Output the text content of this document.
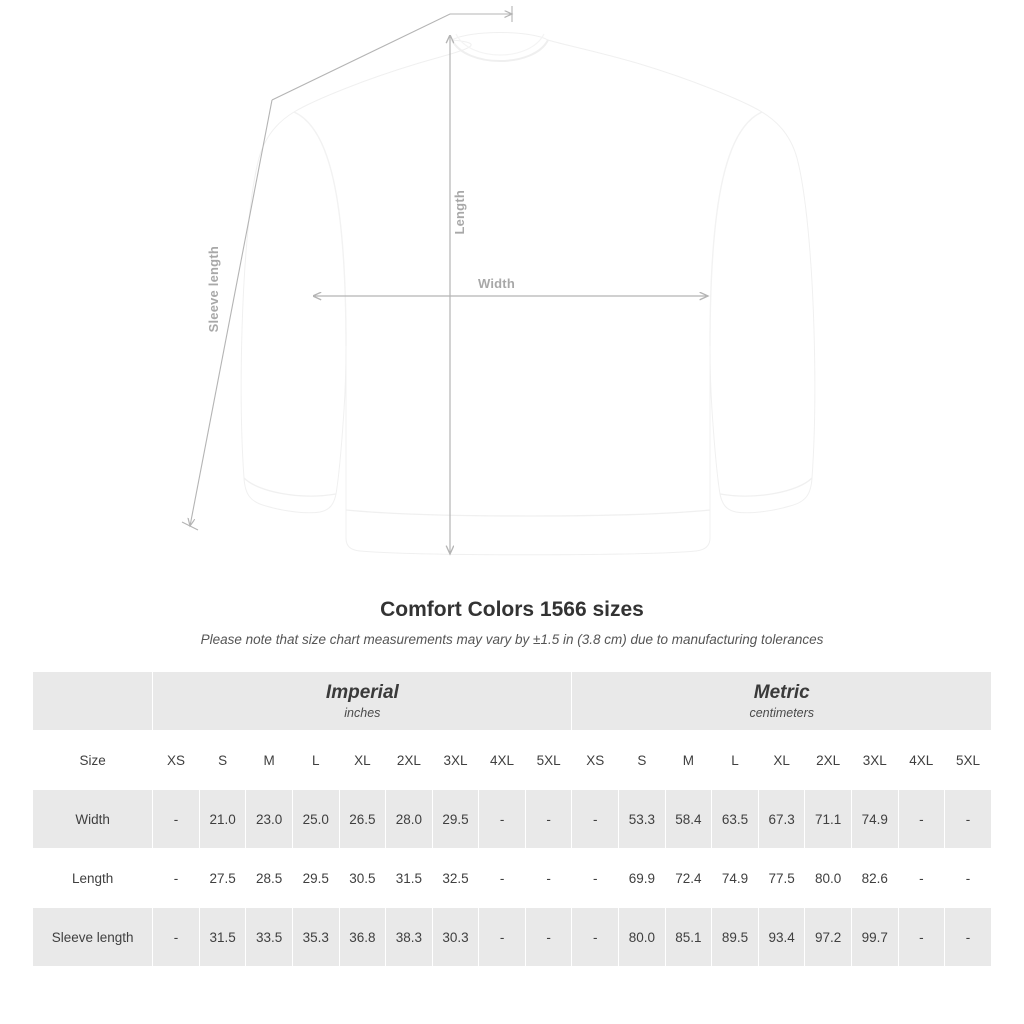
Length
Width
Sleeve length
Comfort Colors 1566 sizes

Please note that size chart measurements may vary by ±1.5 in (3.8 cm) due to manufacturing tolerances

	Imperial
inches									Metric
centimeters								

Size	XS	S	M	L	XL	2XL	3XL	4XL	5XL	XS	S	M	L	XL	2XL	3XL	4XL	5XL
Width	-	21.0	23.0	25.0	26.5	28.0	29.5	-	-	-	53.3	58.4	63.5	67.3	71.1	74.9	-	-
Length	-	27.5	28.5	29.5	30.5	31.5	32.5	-	-	-	69.9	72.4	74.9	77.5	80.0	82.6	-	-
Sleeve length	-	31.5	33.5	35.3	36.8	38.3	30.3	-	-	-	80.0	85.1	89.5	93.4	97.2	99.7	-	-
